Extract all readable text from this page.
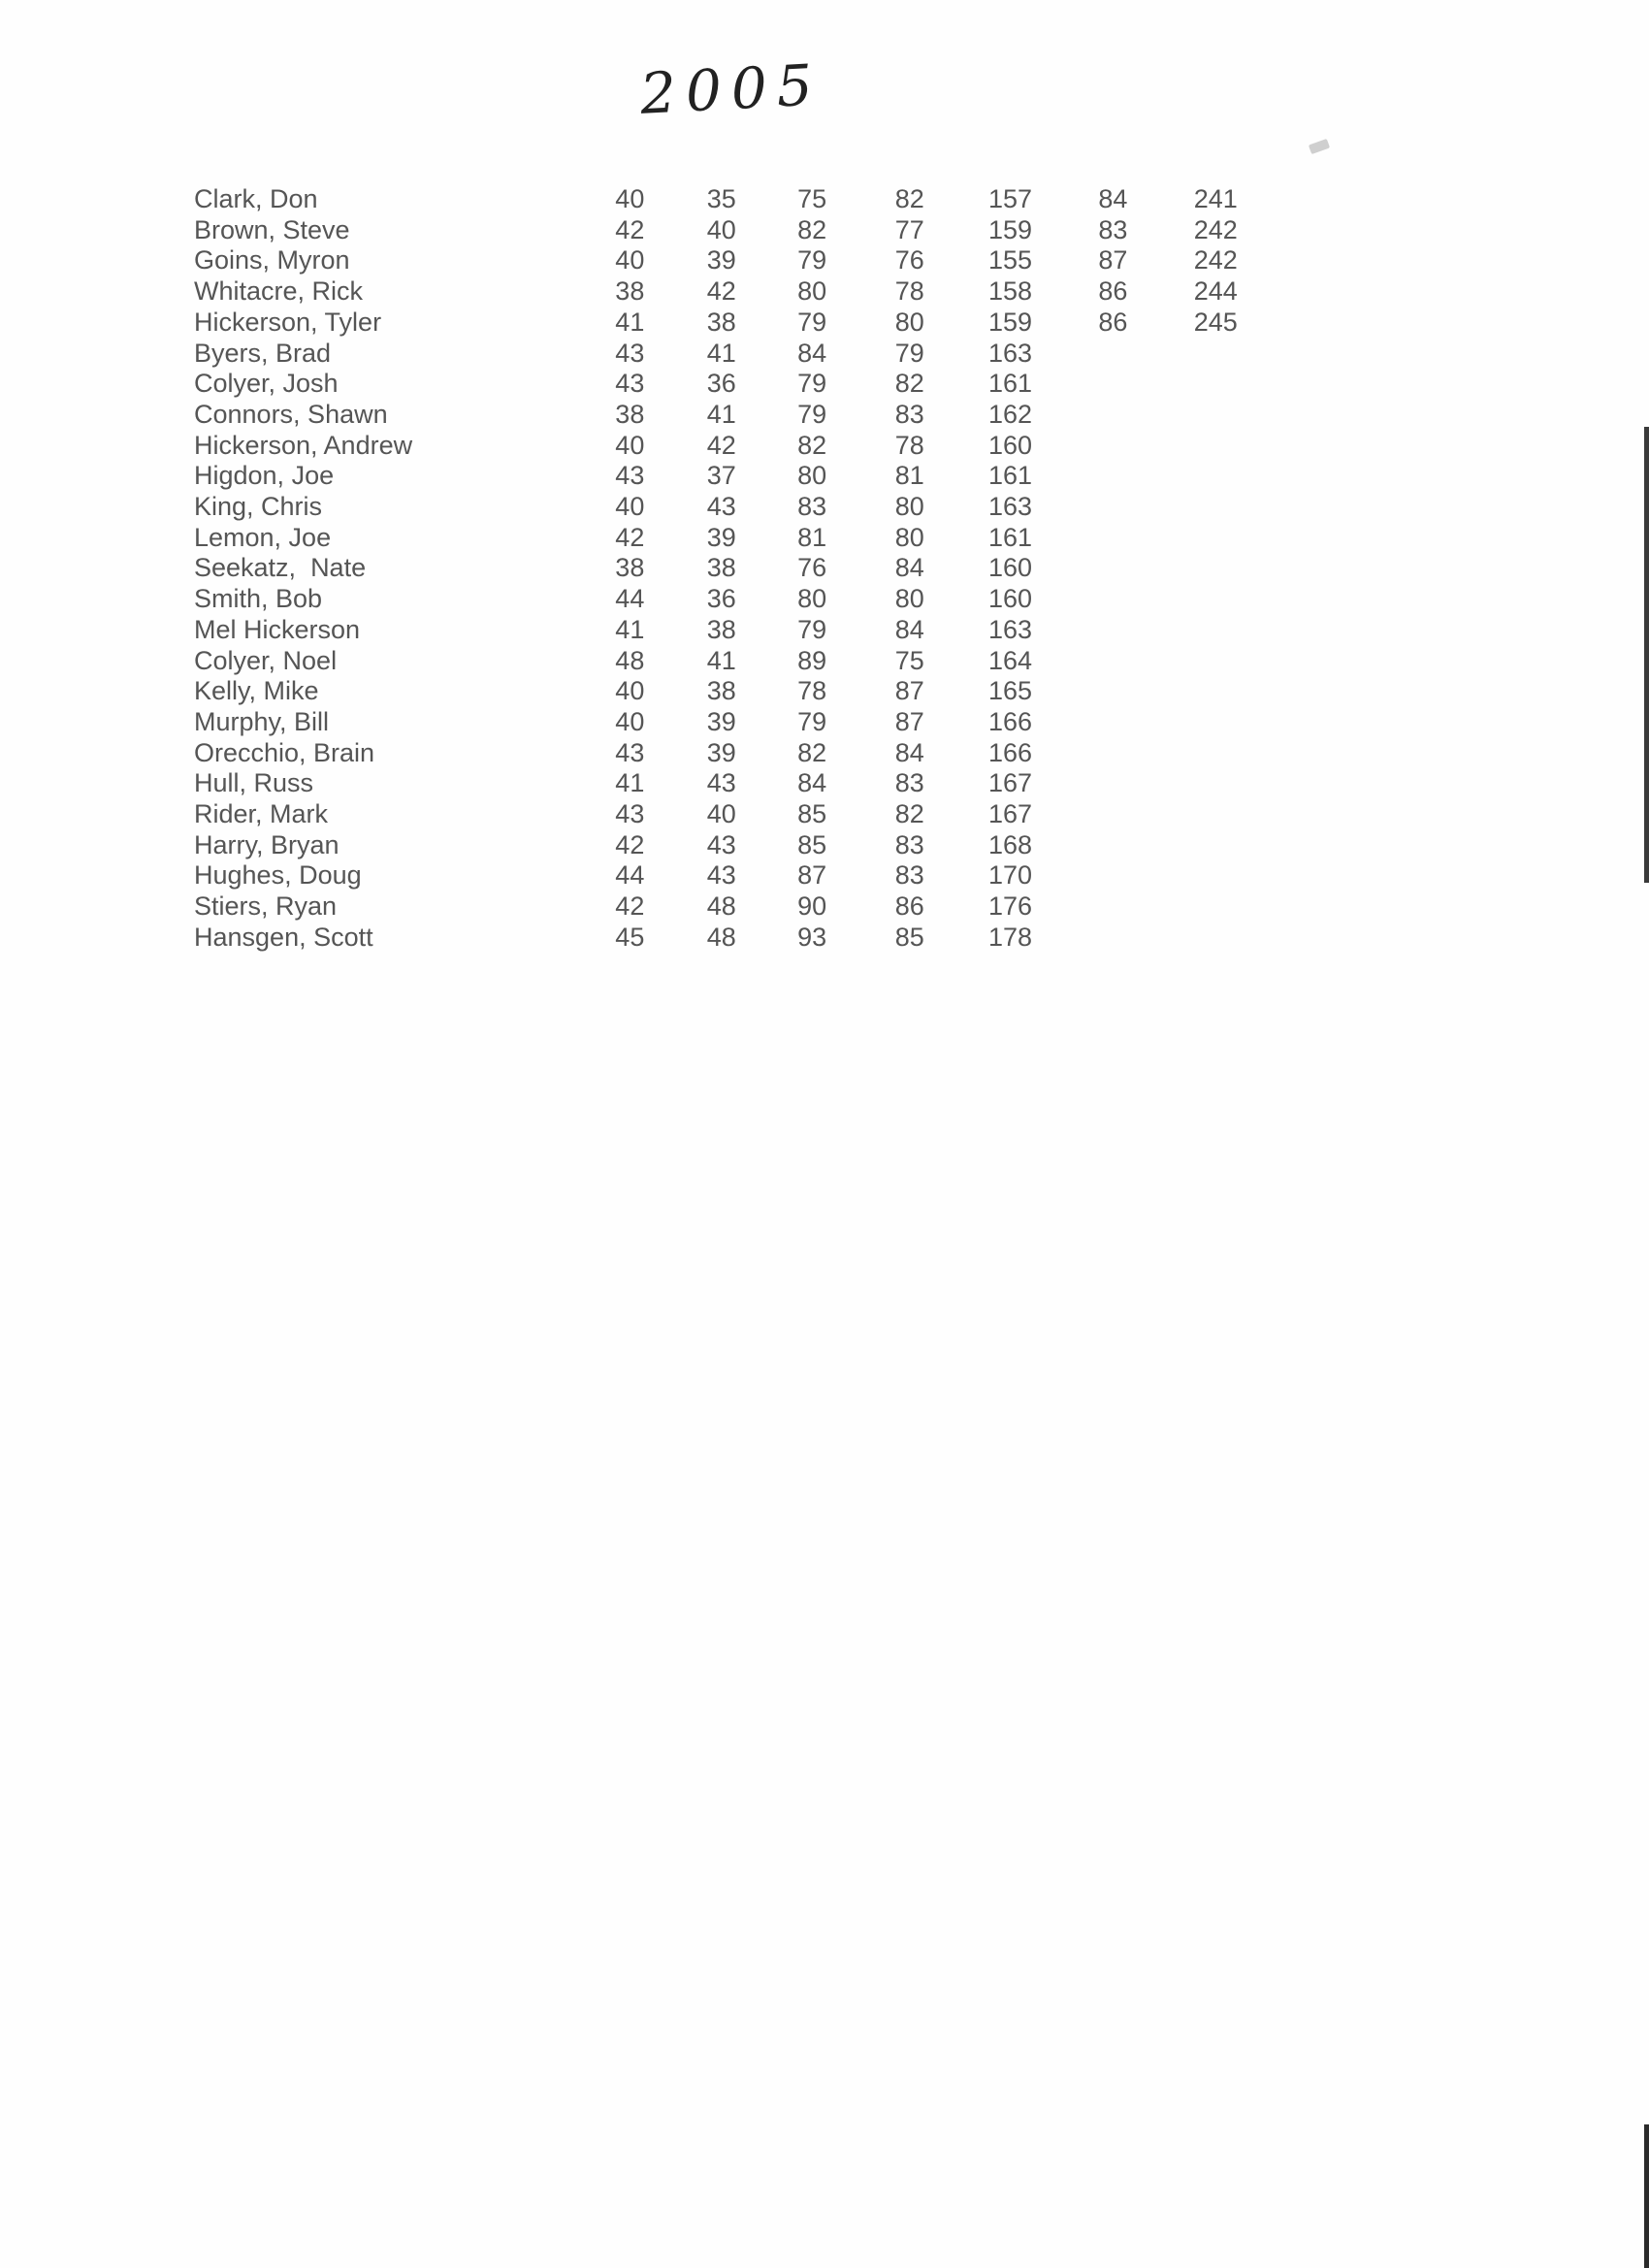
2005
Clark, Don	40	35	75	82	157	84	241
Brown, Steve	42	40	82	77	159	83	242
Goins, Myron	40	39	79	76	155	87	242
Whitacre, Rick	38	42	80	78	158	86	244
Hickerson, Tyler	41	38	79	80	159	86	245
Byers, Brad	43	41	84	79	163		
Colyer, Josh	43	36	79	82	161		
Connors, Shawn	38	41	79	83	162		
Hickerson, Andrew	40	42	82	78	160		
Higdon, Joe	43	37	80	81	161		
King, Chris	40	43	83	80	163		
Lemon, Joe	42	39	81	80	161		
Seekatz,  Nate	38	38	76	84	160		
Smith, Bob	44	36	80	80	160		
Mel Hickerson	41	38	79	84	163		
Colyer, Noel	48	41	89	75	164		
Kelly, Mike	40	38	78	87	165		
Murphy, Bill	40	39	79	87	166		
Orecchio, Brain	43	39	82	84	166		
Hull, Russ	41	43	84	83	167		
Rider, Mark	43	40	85	82	167		
Harry, Bryan	42	43	85	83	168		
Hughes, Doug	44	43	87	83	170		
Stiers, Ryan	42	48	90	86	176		
Hansgen, Scott	45	48	93	85	178		
